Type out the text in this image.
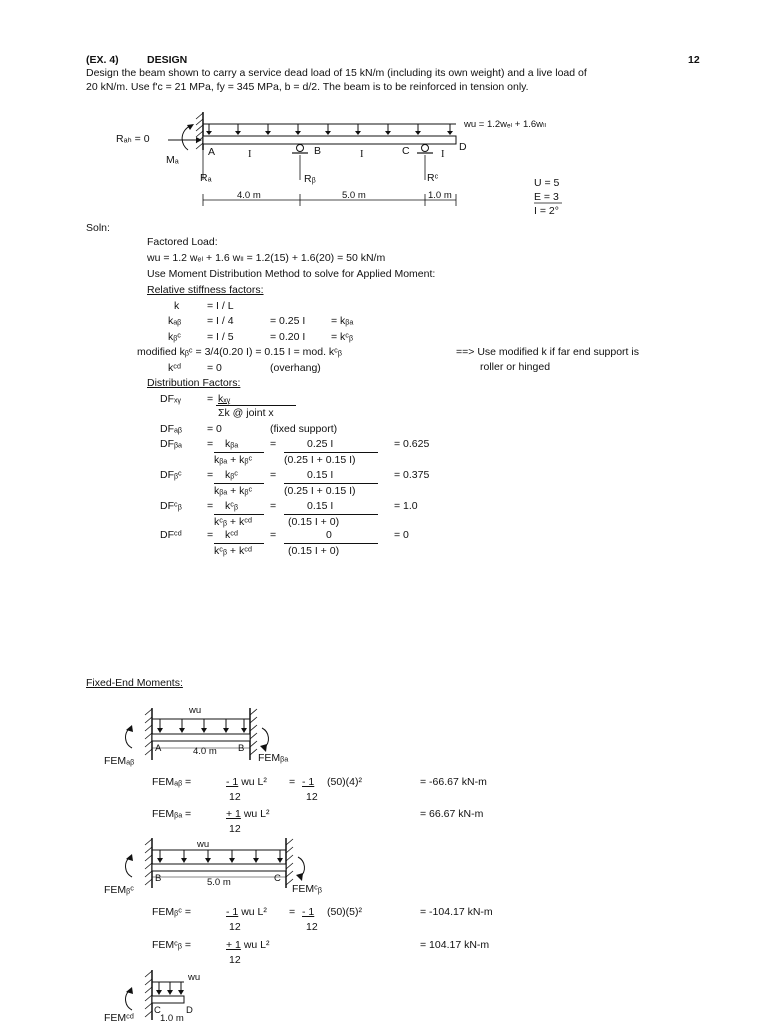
(EX. 4)	DESIGN	12
Design the beam shown to carry a service dead load of 15 kN/m (including its own weight) and a live load of
20 kN/m. Use f'c = 21 MPa, fy = 345 MPa, b = d/2. The beam is to be reinforced in tension only.
Rₐₕ = 0
Mₐ
wu = 1.2wₑₗ + 1.6wₗₗ
A	I	B	I	C	I
D
Rₐ	Rᵦ	Rᶜ
4.0 m	5.0 m	1.0 m
U = 5
E = 3
I = 2°
Soln:
Factored Load:
wu = 1.2 wₑₗ + 1.6 wₗₗ = 1.2(15) + 1.6(20) = 50 kN/m
Use Moment Distribution Method to solve for Applied Moment:
Relative stiffness factors:
k	= I / L
kₐᵦ = I / 4	= 0.25 I = kᵦₐ
kᵦᶜ = I / 5	= 0.20 I = kᶜᵦ
modified kᵦᶜ = 3/4(0.20 I) = 0.15 I = mod. kᶜᵦ
kᶜᵈ = 0	(overhang)
==> Use modified k if far end support is
roller or hinged
Distribution Factors:
DFₓᵧ = kₓᵧ
Σk @ joint x
DFₐᵦ = 0	(fixed support)
DFᵦₐ = kᵦₐ
kᵦₐ + kᵦᶜ
=	0.25 I
(0.25 I + 0.15 I)
= 0.625
DFᵦᶜ = kᵦᶜ
kᵦₐ + kᵦᶜ
=	0.15 I
(0.25 I + 0.15 I)
= 0.375
DFᶜᵦ = kᶜᵦ
kᶜᵦ + kᶜᵈ
=	0.15 I
(0.15 I + 0)
= 1.0
DFᶜᵈ = kᶜᵈ
kᶜᵦ + kᶜᵈ
=	0
(0.15 I + 0)
= 0
Fixed-End Moments:
wu
A	4.0 m B
FEMₐᵦ	FEMᵦₐ
FEMₐᵦ =	- 1 wu L²
12
= - 1 (50)(4)²
12
= -66.67 kN-m
FEMᵦₐ =	+ 1 wu L²
12
= 66.67 kN-m
wu
B	5.0 m	C
FEMᵦᶜ	FEMᶜᵦ
FEMᵦᶜ =	- 1 wu L²
12
= - 1 (50)(5)²
12
= -104.17 kN-m
FEMᶜᵦ =	+ 1 wu L²
12
= 104.17 kN-m
wu
C	D
1.0 m
FEMᶜᵈ
